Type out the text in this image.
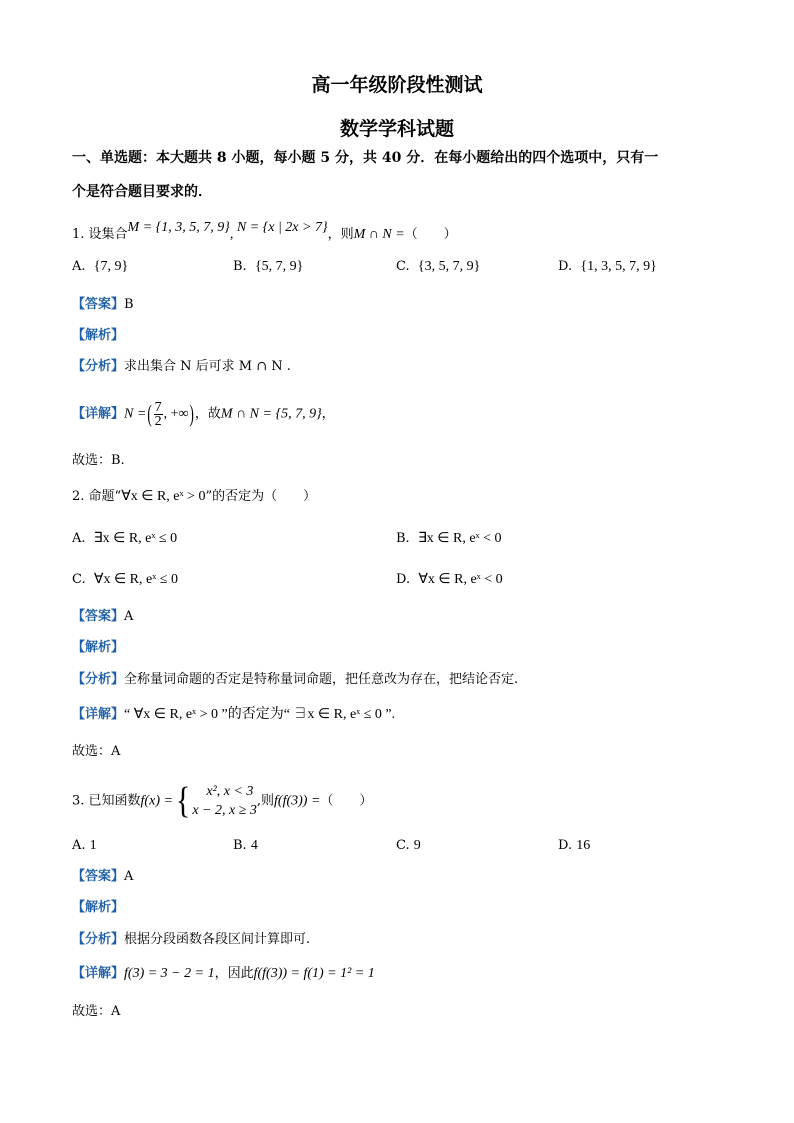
高一年级阶段性测试
数学学科试题
一、单选题：本大题共 8 小题，每小题 5 分，共 40 分．在每小题给出的四个选项中，只有一
个是符合题目要求的．
1. 设集合M = {1, 3, 5, 7, 9}, N = {x | 2x > 7}，则M ∩ N =（　　）
A. {7, 9}	B. {5, 7, 9}	C. {3, 5, 7, 9}	D. {1, 3, 5, 7, 9}
【答案】B
【解析】
【分析】求出集合 N 后可求 M ∩ N .
【详解】N =( $\frac{7}{2}$ , +∞)，故M ∩ N = {5, 7, 9}，
故选：B.
2. 命题“∀x ∈ R, eˣ > 0”的否定为（　　）
A. ∃x ∈ R, eˣ ≤ 0	B. ∃x ∈ R, eˣ < 0
C. ∀x ∈ R, eˣ ≤ 0	D. ∀x ∈ R, eˣ < 0
【答案】A
【解析】
【分析】全称量词命题的否定是特称量词命题，把任意改为存在，把结论否定.
【详解】“ ∀x ∈ R, eˣ > 0 ”的否定为“ ∃x ∈ R, eˣ ≤ 0 ”.
故选：A
3. 已知函数f(x) = {	x², x < 3
x − 2, x ≥ 3
,则f(f(3)) =（　　）
A. 1	B. 4	C. 9	D. 16
【答案】A
【解析】
【分析】根据分段函数各段区间计算即可.
【详解】f(3) = 3 − 2 = 1，因此f(f(3)) = f(1) = 1² = 1
故选：A
